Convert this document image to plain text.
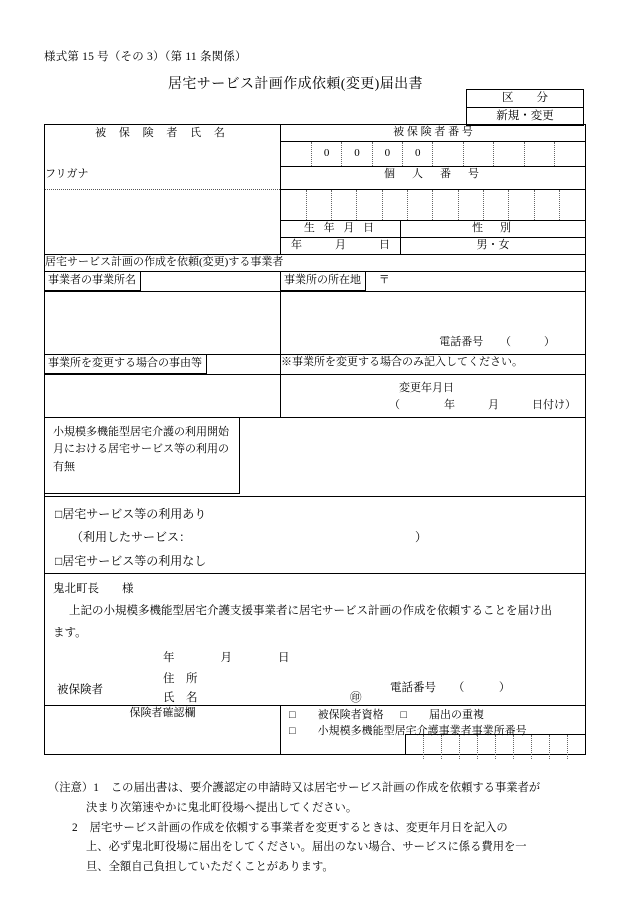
様式第 15 号（その 3）（第 11 条関係）
居宅サービス計画作成依頼(変更)届出書
区　　分
新規・変更
被 保 険 者 氏 名	被 保 険 者 番 号

	0	0	0	0					

フリガナ	個　人　番　号

生 年 月 日	性　別
年　　　月　　　日	男・女
居宅サービス計画の作成を依頼(変更)する事業者
事業者の事業所名	事業所の所在地 〒

電話番号 （　　　）

事業所を変更する場合の事由等	※事業所を変更する場合のみ記入してください。

変更年月日
（　　　　年　　　月　　　日付け）

小規模多機能型居宅介護の利用開始月における居宅サービス等の利用の有無

□居宅サービス等の利用あり
（利用したサービス：	）
□居宅サービス等の利用なし

鬼北町長　　様
上記の小規模多機能型居宅介護支援事業者に居宅サービス計画の作成を依頼することを届け出
ます。
年　　　　月　　　　日
住　所
被保険者
氏　名	㊞
電話番号 （　　　）

保険者確認欄	□　　被保険者資格 □　　届出の重複
□　　小規模多機能型居宅介護事業者事業所番号

（注意）1 この届出書は、要介護認定の申請時又は居宅サービス計画の作成を依頼する事業者が
決まり次第速やかに鬼北町役場へ提出してください。
2 居宅サービス計画の作成を依頼する事業者を変更するときは、変更年月日を記入の
上、必ず鬼北町役場に届出をしてください。届出のない場合、サービスに係る費用を一
旦、全額自己負担していただくことがあります。
